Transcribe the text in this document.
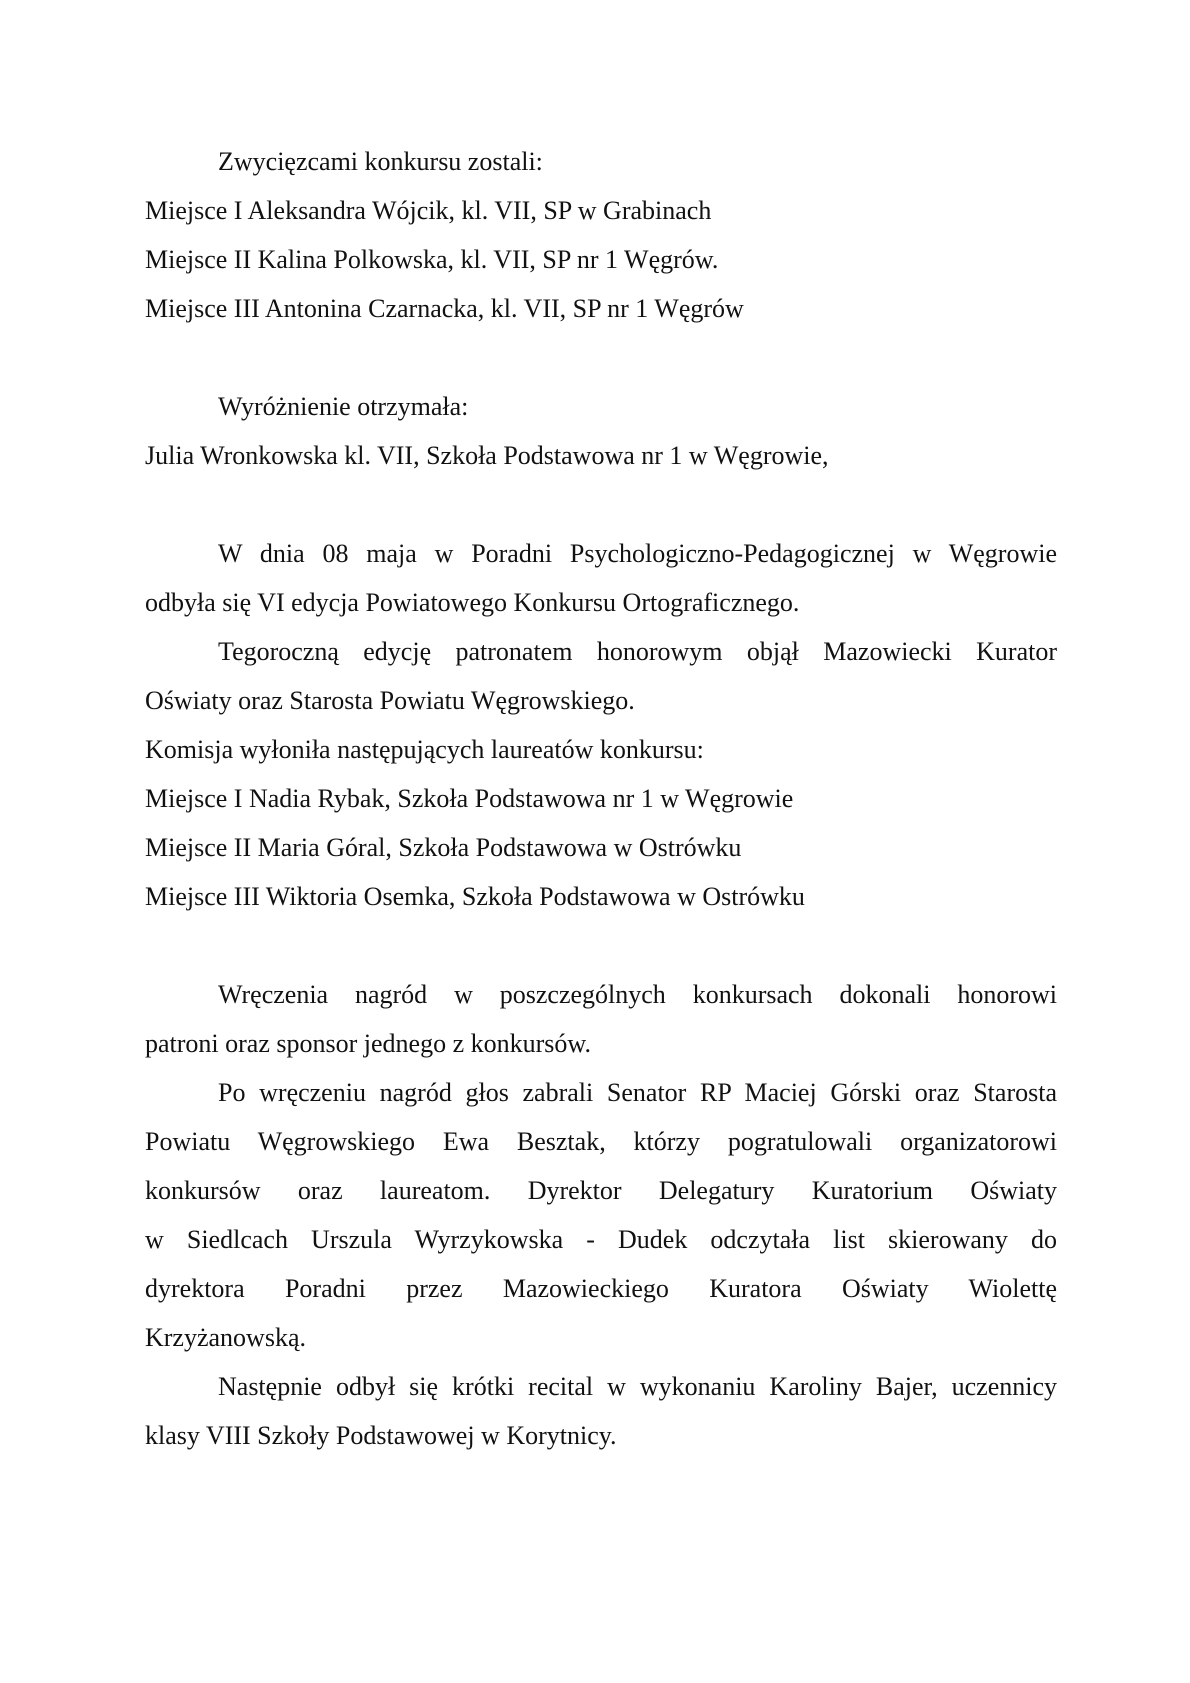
Zwycięzcami konkursu zostali:
Miejsce I Aleksandra Wójcik, kl. VII, SP w Grabinach
Miejsce II Kalina Polkowska, kl. VII, SP nr 1 Węgrów.
Miejsce III Antonina Czarnacka, kl. VII, SP nr 1 Węgrów
Wyróżnienie otrzymała:
Julia Wronkowska kl. VII, Szkoła Podstawowa nr 1 w Węgrowie,
W dnia 08 maja w Poradni Psychologiczno-Pedagogicznej w Węgrowie
odbyła się VI edycja Powiatowego Konkursu Ortograficznego.
Tegoroczną edycję patronatem honorowym objął Mazowiecki Kurator
Oświaty oraz Starosta Powiatu Węgrowskiego.
Komisja wyłoniła następujących laureatów konkursu:
Miejsce I Nadia Rybak, Szkoła Podstawowa nr 1 w Węgrowie
Miejsce II Maria Góral, Szkoła Podstawowa w Ostrówku
Miejsce III Wiktoria Osemka, Szkoła Podstawowa w Ostrówku
Wręczenia nagród w poszczególnych konkursach dokonali honorowi
patroni oraz sponsor jednego z konkursów.
Po wręczeniu nagród głos zabrali Senator RP Maciej Górski oraz Starosta
Powiatu Węgrowskiego Ewa Besztak, którzy pogratulowali organizatorowi
konkursów oraz laureatom. Dyrektor Delegatury Kuratorium Oświaty
w Siedlcach Urszula Wyrzykowska - Dudek odczytała list skierowany do
dyrektora Poradni przez Mazowieckiego Kuratora Oświaty Wiolettę
Krzyżanowską.
Następnie odbył się krótki recital w wykonaniu Karoliny Bajer, uczennicy
klasy VIII Szkoły Podstawowej w Korytnicy.
